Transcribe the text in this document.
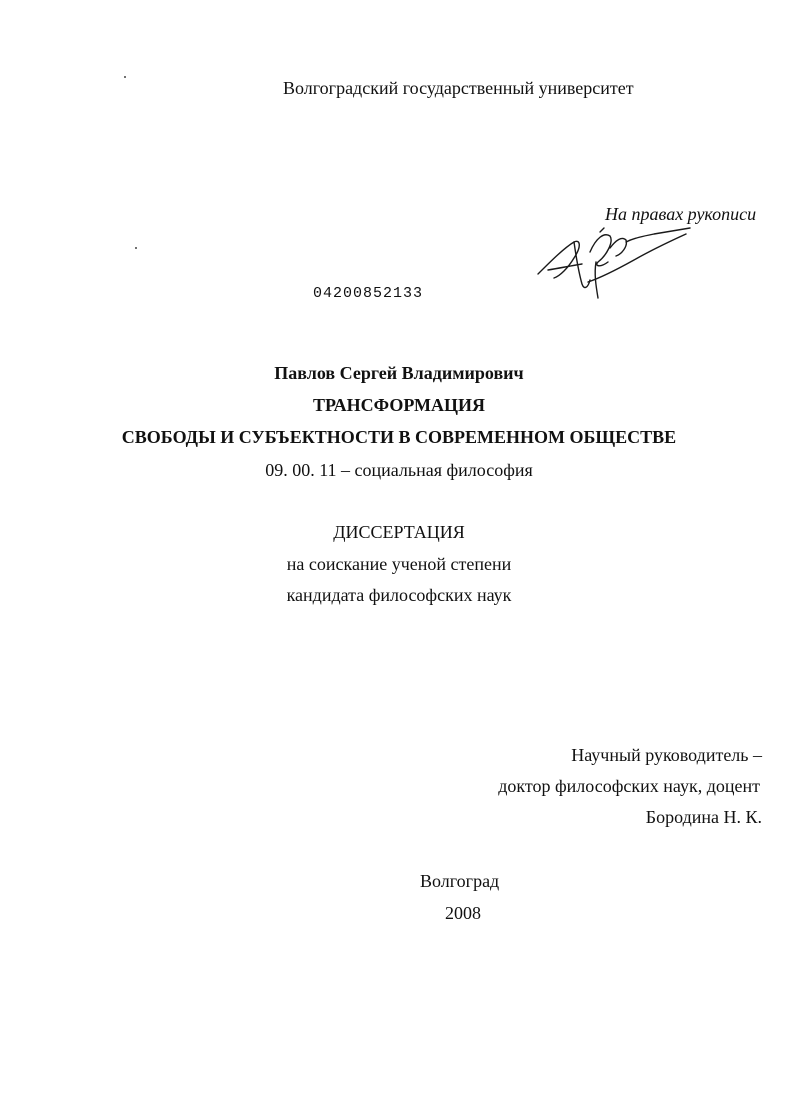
Волгоградский государственный университет
На правах рукописи
04200852133
Павлов Сергей Владимирович
ТРАНСФОРМАЦИЯ
СВОБОДЫ И СУБЪЕКТНОСТИ В СОВРЕМЕННОМ ОБЩЕСТВЕ
09. 00. 11 – социальная философия
ДИССЕРТАЦИЯ
на соискание ученой степени
кандидата философских наук
Научный руководитель –
доктор философских наук, доцент
Бородина Н. К.
Волгоград
2008
